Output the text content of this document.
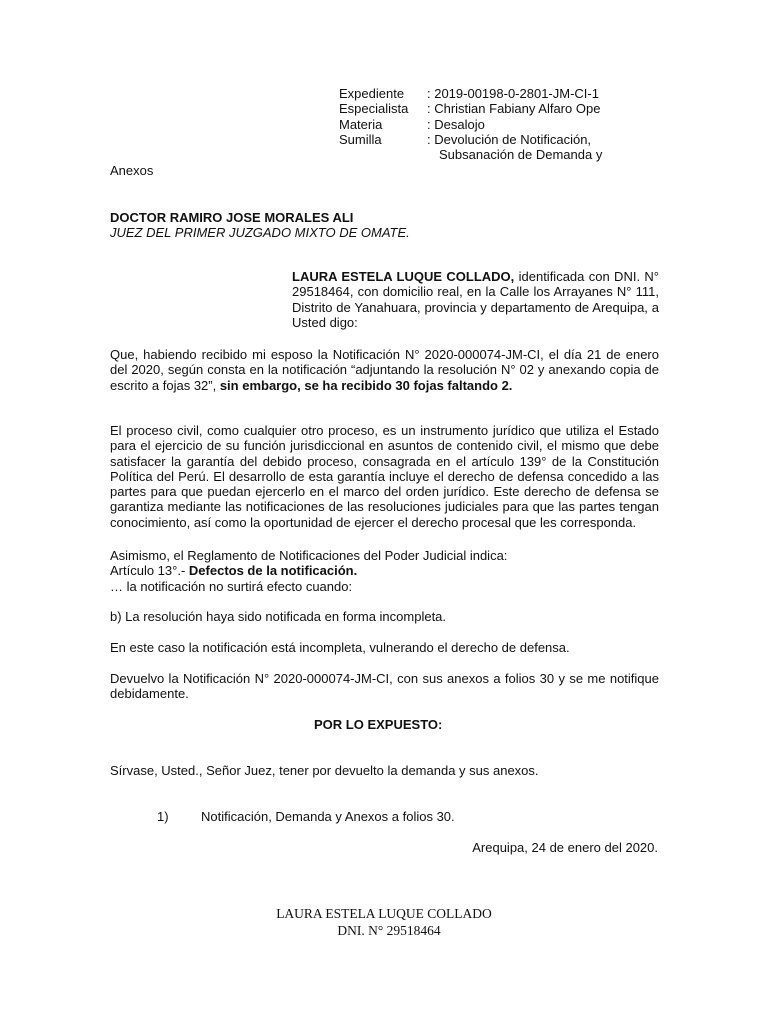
Expediente	: 2019-00198-0-2801-JM-CI-1
Especialista	: Christian Fabiany Alfaro Ope
Materia	: Desalojo
Sumilla	: Devolución de Notificación,
	Subsanación de Demanda y
Anexos
DOCTOR RAMIRO JOSE MORALES ALI
JUEZ DEL PRIMER JUZGADO MIXTO DE OMATE.
LAURA ESTELA LUQUE COLLADO, identificada con DNI. N° 29518464, con domicilio real, en la Calle los Arrayanes N° 111, Distrito de Yanahuara, provincia y departamento de Arequipa, a Usted digo:
Que, habiendo recibido mi esposo la Notificación N° 2020-000074-JM-CI, el día 21 de enero del 2020, según consta en la notificación “adjuntando la resolución N° 02 y anexando copia de escrito a fojas 32”, sin embargo, se ha recibido 30 fojas faltando 2.
El proceso civil, como cualquier otro proceso, es un instrumento jurídico que utiliza el Estado para el ejercicio de su función jurisdiccional en asuntos de contenido civil, el mismo que debe satisfacer la garantía del debido proceso, consagrada en el artículo 139° de la Constitución Política del Perú. El desarrollo de esta garantía incluye el derecho de defensa concedido a las partes para que puedan ejercerlo en el marco del orden jurídico. Este derecho de defensa se garantiza mediante las notificaciones de las resoluciones judiciales para que las partes tengan conocimiento, así como la oportunidad de ejercer el derecho procesal que les corresponda.
Asimismo, el Reglamento de Notificaciones del Poder Judicial indica:
Artículo 13°.- Defectos de la notificación.
… la notificación no surtirá efecto cuando:
b) La resolución haya sido notificada en forma incompleta.
En este caso la notificación está incompleta, vulnerando el derecho de defensa.
Devuelvo la Notificación N° 2020-000074-JM-CI, con sus anexos a folios 30 y se me notifique debidamente.
POR LO EXPUESTO:
Sírvase, Usted., Señor Juez, tener por devuelto la demanda y sus anexos.
1) Notificación, Demanda y Anexos a folios 30.
Arequipa, 24 de enero del 2020.
LAURA ESTELA LUQUE COLLADO
DNI. N° 29518464
